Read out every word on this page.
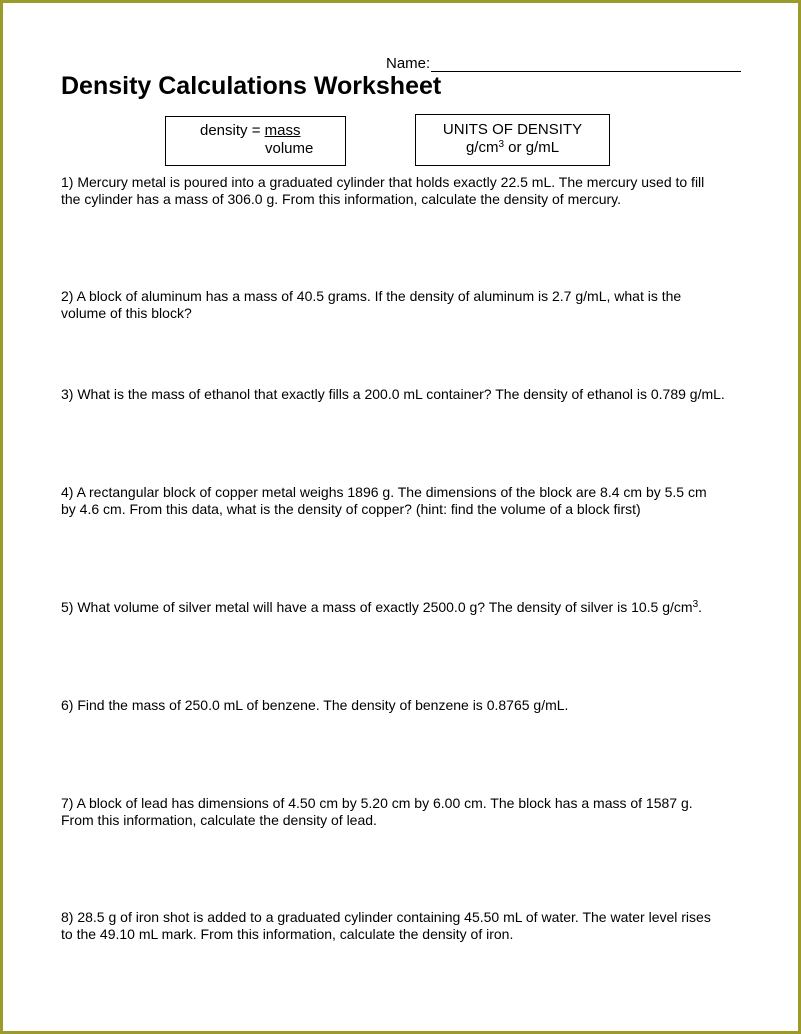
Name:
Density Calculations Worksheet
density = mass
volume
UNITS OF DENSITY
$g/cm^3$ or g/mL

1) Mercury metal is poured into a graduated cylinder that holds exactly 22.5 mL. The mercury used to fill
the cylinder has a mass of 306.0 g. From this information, calculate the density of mercury.

2) A block of aluminum has a mass of 40.5 grams. If the density of aluminum is 2.7 g/mL, what is the
volume of this block?

3) What is the mass of ethanol that exactly fills a 200.0 mL container? The density of ethanol is 0.789 g/mL.

4) A rectangular block of copper metal weighs 1896 g. The dimensions of the block are 8.4 cm by 5.5 cm
by 4.6 cm. From this data, what is the density of copper? (hint: find the volume of a block first)

5) What volume of silver metal will have a mass of exactly 2500.0 g? The density of silver is 10.5 $g/cm^3$.

6) Find the mass of 250.0 mL of benzene. The density of benzene is 0.8765 g/mL.

7) A block of lead has dimensions of 4.50 cm by 5.20 cm by 6.00 cm. The block has a mass of 1587 g.
From this information, calculate the density of lead.

8) 28.5 g of iron shot is added to a graduated cylinder containing 45.50 mL of water. The water level rises
to the 49.10 mL mark. From this information, calculate the density of iron.
